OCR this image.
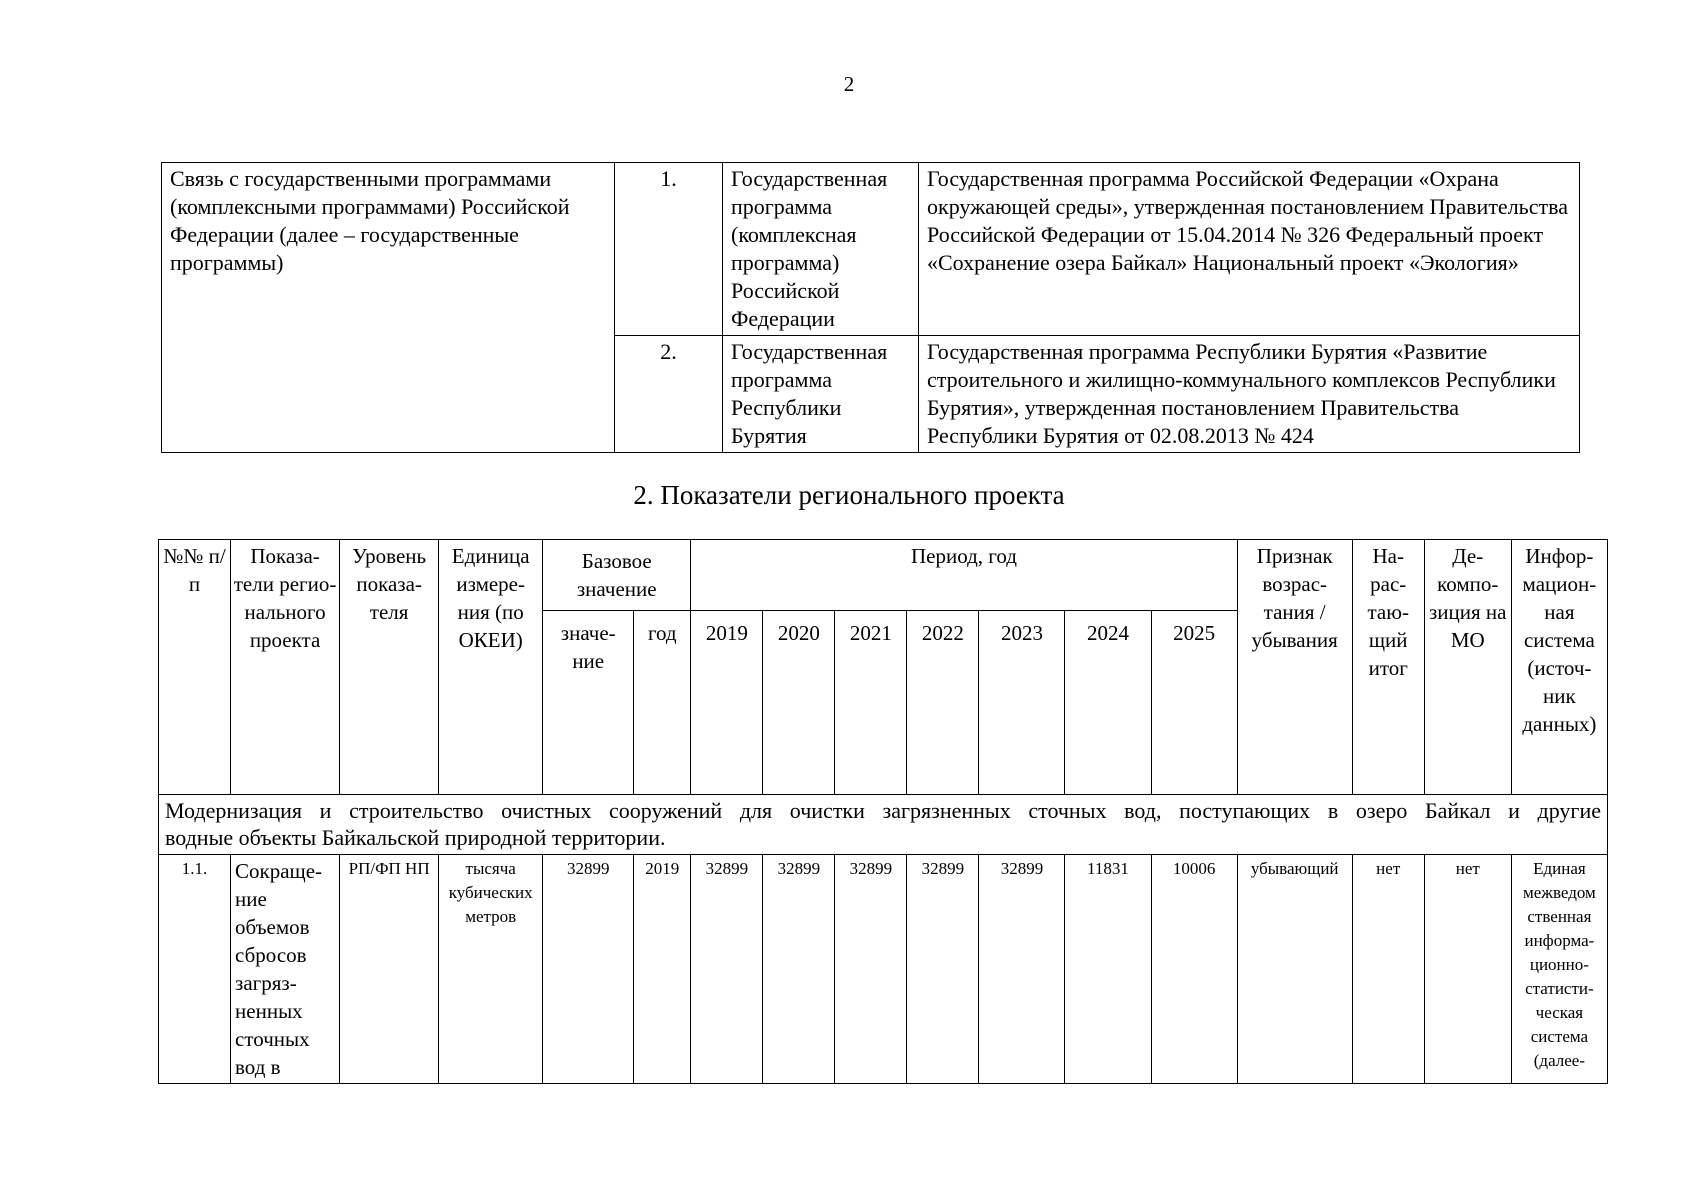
2
Связь с государственными программами (комплексными программами) Российской Федерации (далее – государственные программы)	1.	Государственная программа (комплексная программа) Российской Федерации	Государственная программа Российской Федерации «Охрана окружающей среды», утвержденная постановлением Правительства Российской Федерации от 15.04.2014 № 326 Федеральный проект «Сохранение озера Байкал» Национальный проект «Экология»
	2.	Государственная программа Республики Бурятия	Государственная программа Республики Бурятия «Развитие строительного и жилищно-коммунального комплексов Республики Бурятия», утвержденная постановлением Правительства Республики Бурятия от 02.08.2013 № 424
2. Показатели регионального проекта
№№ п/п	Показа-тели регио-нального проекта	Уровень показа-теля	Единица измере-ния (по ОКЕИ)	Базовое значение		Период, год							Признак возрас-тания /убывания	На-рас-таю-щий итог	Де-компо-зиция на МО	Инфор-мацион-ная система (источ-ник данных)
				значе-ние	год	2019	2020	2021	2022	2023	2024	2025				
Модернизация и строительство очистных сооружений для очистки загрязненных сточных вод, поступающих в озеро Байкал и другие
водные объекты Байкальской природной территории.																

1.1.	Сокраще-ние объемов сбросов загряз-ненных сточных вод в	РП/ФП НП	тысяча кубических метров	32899	2019	32899	32899	32899	32899	32899	11831	10006	убывающий	нет	нет	Единая межведом ственная информа-ционно-статисти-ческая система (далее-
